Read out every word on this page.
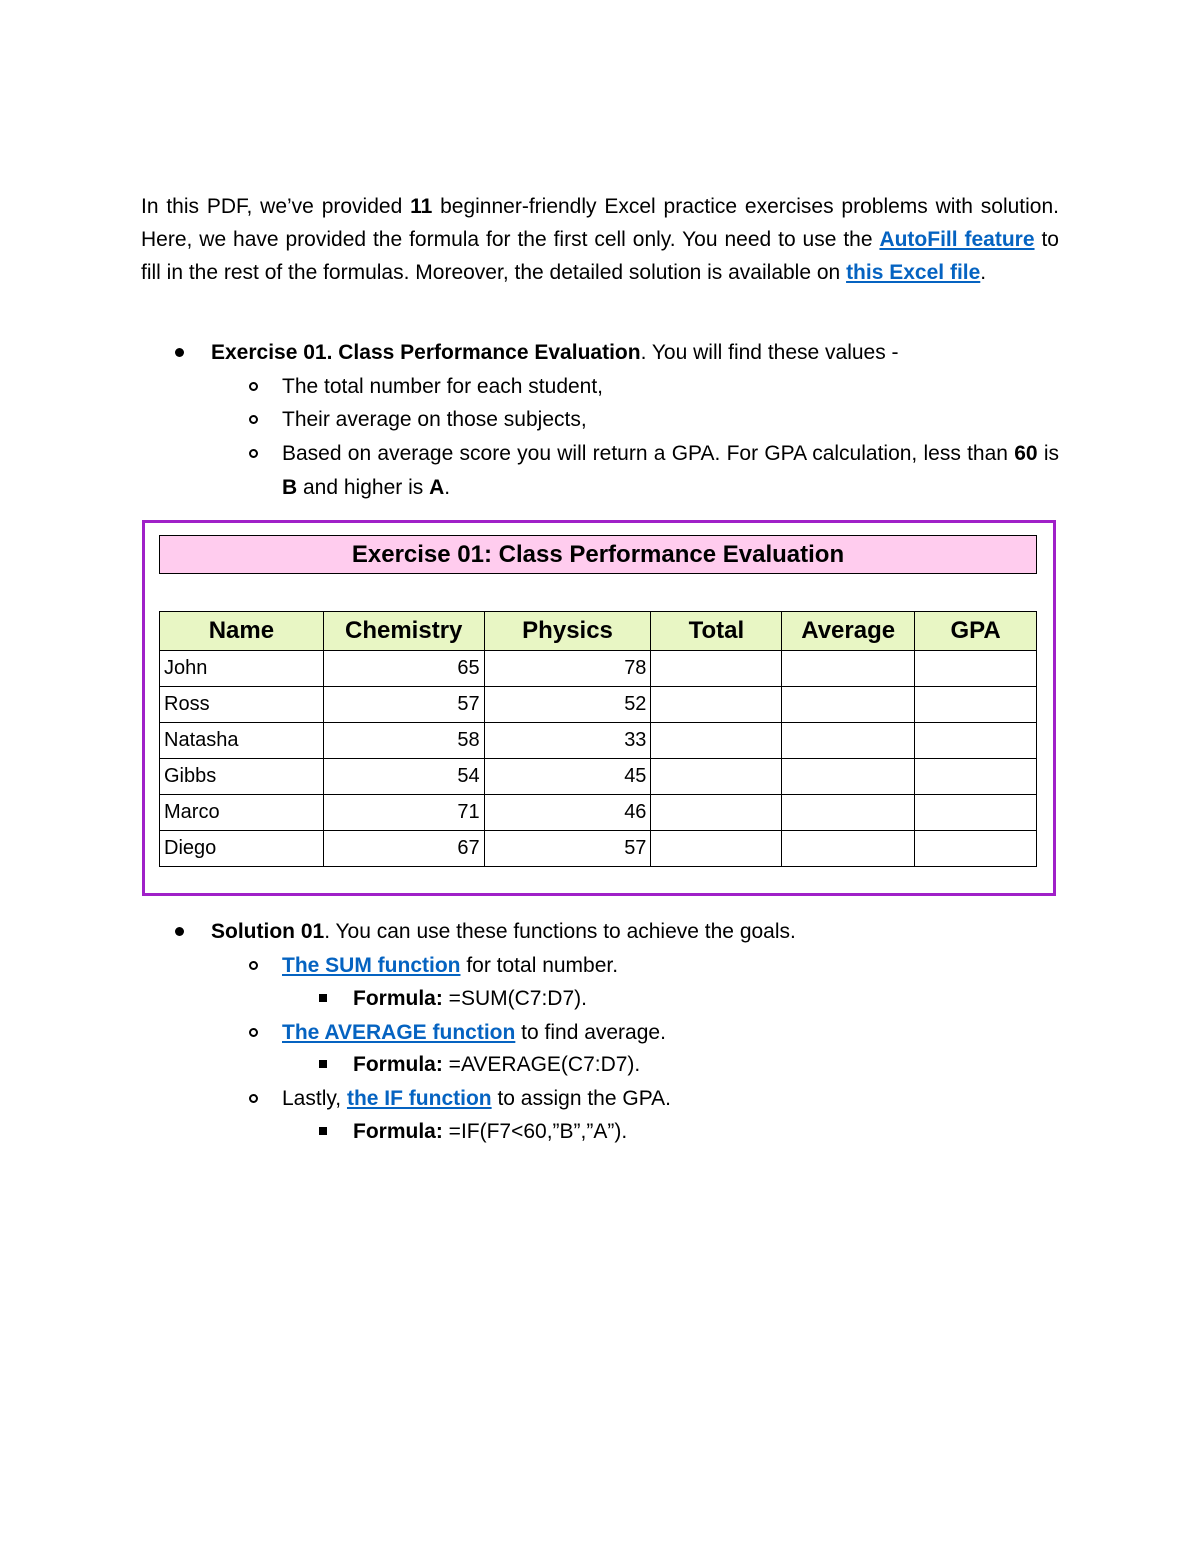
In this PDF, we’ve provided 11 beginner-friendly Excel practice exercises problems with solution. Here, we have provided the formula for the first cell only. You need to use the AutoFill feature to fill in the rest of the formulas. Moreover, the detailed solution is available on this Excel file.

Exercise 01. Class Performance Evaluation. You will find these values -
The total number for each student,
Their average on those subjects,
Based on average score you will return a GPA. For GPA calculation, less than 60 is
B and higher is A.
Exercise 01: Class Performance Evaluation
Name	Chemistry	Physics	Total	Average	GPA
John	65	78			
Ross	57	52			
Natasha	58	33			
Gibbs	54	45			
Marco	71	46			
Diego	67	57			
Solution 01. You can use these functions to achieve the goals.
The SUM function for total number.
Formula: =SUM(C7:D7).
The AVERAGE function to find average.
Formula: =AVERAGE(C7:D7).
Lastly, the IF function to assign the GPA.
Formula: =IF(F7<60,”B”,”A”).
